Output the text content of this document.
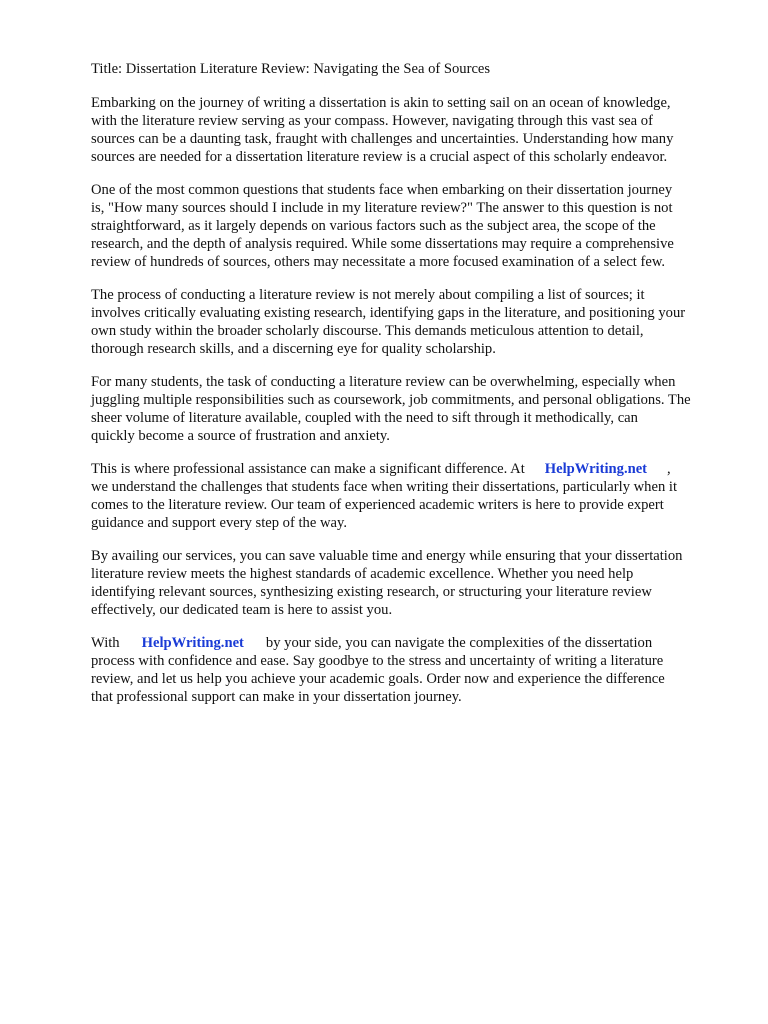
Title: Dissertation Literature Review: Navigating the Sea of Sources

Embarking on the journey of writing a dissertation is akin to setting sail on an ocean of knowledge,
with the literature review serving as your compass. However, navigating through this vast sea of
sources can be a daunting task, fraught with challenges and uncertainties. Understanding how many
sources are needed for a dissertation literature review is a crucial aspect of this scholarly endeavor.

One of the most common questions that students face when embarking on their dissertation journey
is, "How many sources should I include in my literature review?" The answer to this question is not
straightforward, as it largely depends on various factors such as the subject area, the scope of the
research, and the depth of analysis required. While some dissertations may require a comprehensive
review of hundreds of sources, others may necessitate a more focused examination of a select few.

The process of conducting a literature review is not merely about compiling a list of sources; it
involves critically evaluating existing research, identifying gaps in the literature, and positioning your
own study within the broader scholarly discourse. This demands meticulous attention to detail,
thorough research skills, and a discerning eye for quality scholarship.

For many students, the task of conducting a literature review can be overwhelming, especially when
juggling multiple responsibilities such as coursework, job commitments, and personal obligations. The
sheer volume of literature available, coupled with the need to sift through it methodically, can
quickly become a source of frustration and anxiety.

This is where professional assistance can make a significant difference. At HelpWriting.net ,
we understand the challenges that students face when writing their dissertations, particularly when it
comes to the literature review. Our team of experienced academic writers is here to provide expert
guidance and support every step of the way.

By availing our services, you can save valuable time and energy while ensuring that your dissertation
literature review meets the highest standards of academic excellence. Whether you need help
identifying relevant sources, synthesizing existing research, or structuring your literature review
effectively, our dedicated team is here to assist you.

With HelpWriting.net by your side, you can navigate the complexities of the dissertation
process with confidence and ease. Say goodbye to the stress and uncertainty of writing a literature
review, and let us help you achieve your academic goals. Order now and experience the difference
that professional support can make in your dissertation journey.
